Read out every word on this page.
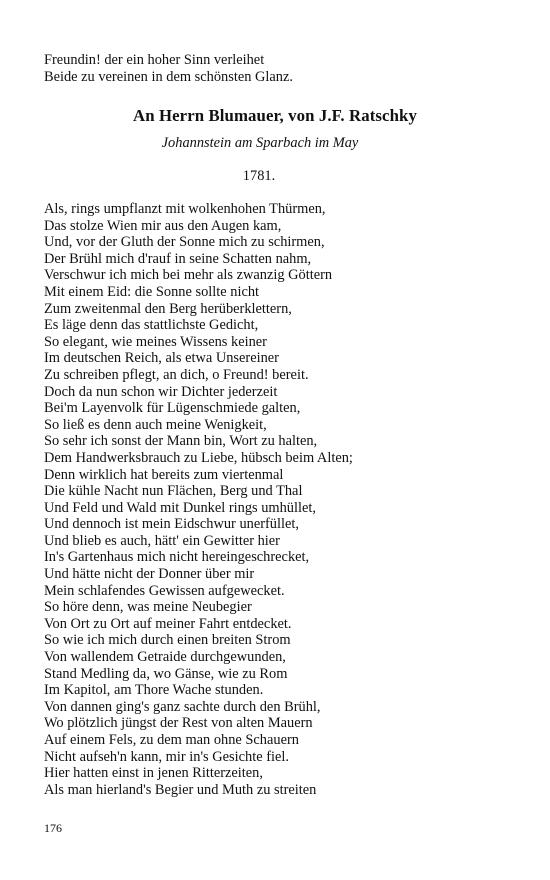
Freundin! der ein hoher Sinn verleihet
Beide zu vereinen in dem schönsten Glanz.
An Herrn Blumauer, von J.F. Ratschky
Johannstein am Sparbach im May
1781.
Als, rings umpflanzt mit wolkenhohen Thürmen,
Das stolze Wien mir aus den Augen kam,
Und, vor der Gluth der Sonne mich zu schirmen,
Der Brühl mich d'rauf in seine Schatten nahm,
Verschwur ich mich bei mehr als zwanzig Göttern
Mit einem Eid: die Sonne sollte nicht
Zum zweitenmal den Berg herüberklettern,
Es läge denn das stattlichste Gedicht,
So elegant, wie meines Wissens keiner
Im deutschen Reich, als etwa Unsereiner
Zu schreiben pflegt, an dich, o Freund! bereit.
Doch da nun schon wir Dichter jederzeit
Bei'm Layenvolk für Lügenschmiede galten,
So ließ es denn auch meine Wenigkeit,
So sehr ich sonst der Mann bin, Wort zu halten,
Dem Handwerksbrauch zu Liebe, hübsch beim Alten;
Denn wirklich hat bereits zum viertenmal
Die kühle Nacht nun Flächen, Berg und Thal
Und Feld und Wald mit Dunkel rings umhüllet,
Und dennoch ist mein Eidschwur unerfüllet,
Und blieb es auch, hätt' ein Gewitter hier
In's Gartenhaus mich nicht hereingeschrecket,
Und hätte nicht der Donner über mir
Mein schlafendes Gewissen aufgewecket.
So höre denn, was meine Neubegier
Von Ort zu Ort auf meiner Fahrt entdecket.
So wie ich mich durch einen breiten Strom
Von wallendem Getraide durchgewunden,
Stand Medling da, wo Gänse, wie zu Rom
Im Kapitol, am Thore Wache stunden.
Von dannen ging's ganz sachte durch den Brühl,
Wo plötzlich jüngst der Rest von alten Mauern
Auf einem Fels, zu dem man ohne Schauern
Nicht aufseh'n kann, mir in's Gesichte fiel.
Hier hatten einst in jenen Ritterzeiten,
Als man hierland's Begier und Muth zu streiten
176
